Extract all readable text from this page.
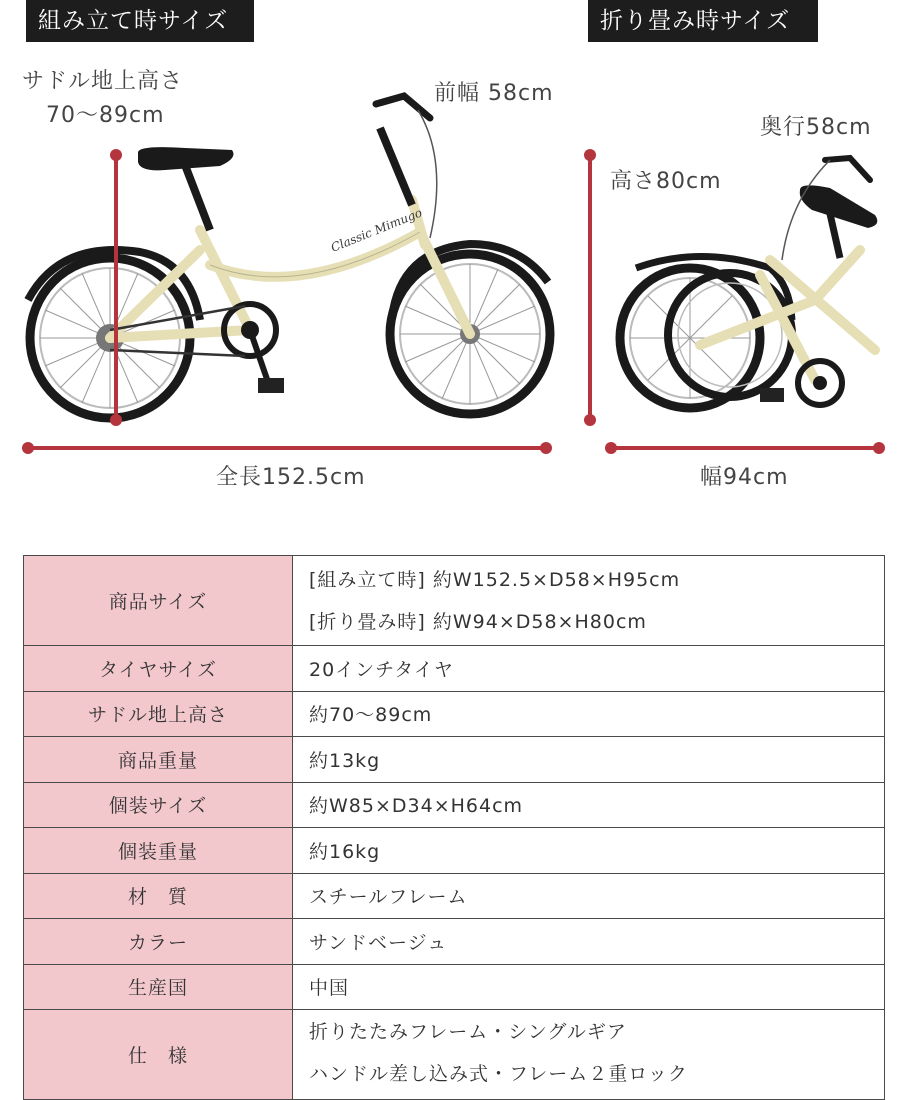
組み立て時サイズ	折り畳み時サイズ
Classic Mimugo
サドル地上高さ
70～89cm
前幅 58cm
全長152.5cm
奥行58cm
高さ80cm
幅94cm
商品サイズ	[組み立て時] 約W152.5×D58×H95cm
[折り畳み時] 約W94×D58×H80cm

タイヤサイズ	20インチタイヤ
サドル地上高さ	約70～89cm
商品重量	約13kg
個装サイズ	約W85×D34×H64cm
個装重量	約16kg
材　質	スチールフレーム
カラー	サンドベージュ
生産国	中国
仕　様	折りたたみフレーム・シングルギア
ハンドル差し込み式・フレーム２重ロック
